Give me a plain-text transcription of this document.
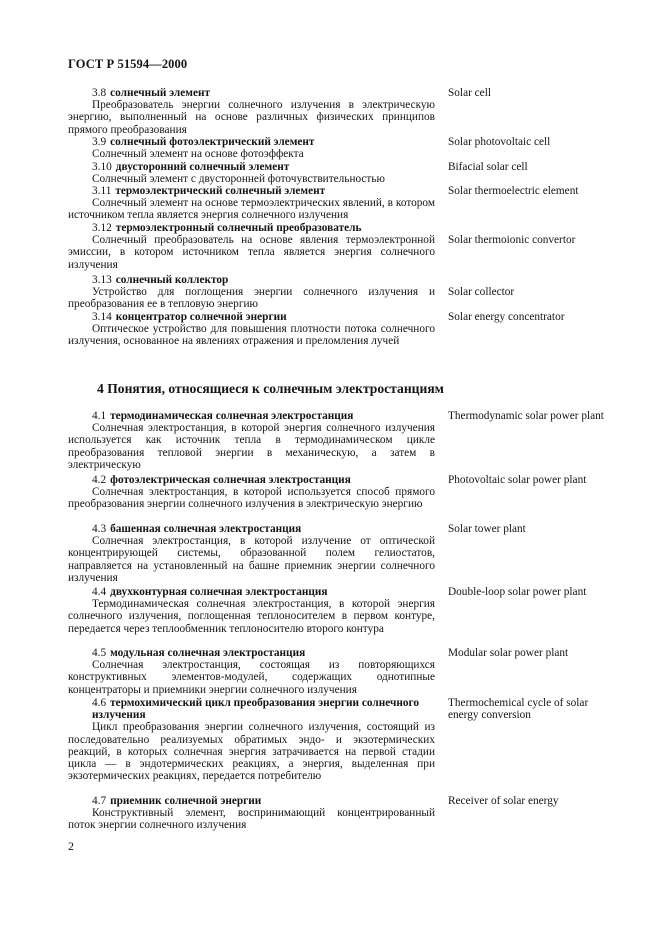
ГОСТ Р 51594—2000
3.8 солнечный элемент
Преобразователь энергии солнечного излучения в электрическую энергию, выполненный на основе различных физических принципов прямого преобразования
Solar cell
3.9 солнечный фотоэлектрический элемент
Солнечный элемент на основе фотоэффекта
Solar photovoltaic cell
3.10 двусторонний солнечный элемент
Солнечный элемент с двусторонней фоточувствительностью
Bifacial solar cell
3.11 термоэлектрический солнечный элемент
Солнечный элемент на основе термоэлектрических явлений, в котором источником тепла является энергия солнечного излучения
Solar thermoelectric element
3.12 термоэлектронный солнечный преобразователь
Солнечный преобразователь на основе явления термоэлектронной эмиссии, в котором источником тепла является энергия солнечного излучения
Solar thermoionic convertor
3.13 солнечный коллектор
Устройство для поглощения энергии солнечного излучения и преобразования ее в тепловую энергию
Solar collector
3.14 концентратор солнечной энергии
Оптическое устройство для повышения плотности потока солнечного излучения, основанное на явлениях отражения и преломления лучей
Solar energy concentrator
4 Понятия, относящиеся к солнечным электростанциям
4.1 термодинамическая солнечная электростанция
Солнечная электростанция, в которой энергия солнечного излучения используется как источник тепла в термодинамическом цикле преобразования тепловой энергии в механическую, а затем в электрическую
Thermodynamic solar power plant
4.2 фотоэлектрическая солнечная электростанция
Солнечная электростанция, в которой используется способ прямого преобразования энергии солнечного излучения в электрическую энергию
Photovoltaic solar power plant
4.3 башенная солнечная электростанция
Солнечная электростанция, в которой излучение от оптической концентрирующей системы, образованной полем гелиостатов, направляется на установленный на башне приемник энергии солнечного излучения
Solar tower plant
4.4 двухконтурная солнечная электростанция
Термодинамическая солнечная электростанция, в которой энергия солнечного излучения, поглощенная теплоносителем в первом контуре, передается через теплообменник теплоносителю второго контура
Double-loop solar power plant
4.5 модульная солнечная электростанция
Солнечная электростанция, состоящая из повторяющихся конструктивных элементов-модулей, содержащих однотипные концентраторы и приемники энергии солнечного излучения
Modular solar power plant
4.6 термохимический цикл преобразования энергии солнечного излучения
Цикл преобразования энергии солнечного излучения, состоящий из последовательно реализуемых обратимых эндо- и экзотермических реакций, в которых солнечная энергия затрачивается на первой стадии цикла — в эндотермических реакциях, а энергия, выделенная при экзотермических реакциях, передается потребителю
Thermochemical cycle of solar energy conversion
4.7 приемник солнечной энергии
Конструктивный элемент, воспринимающий концентрированный поток энергии солнечного излучения
Receiver of solar energy
2
